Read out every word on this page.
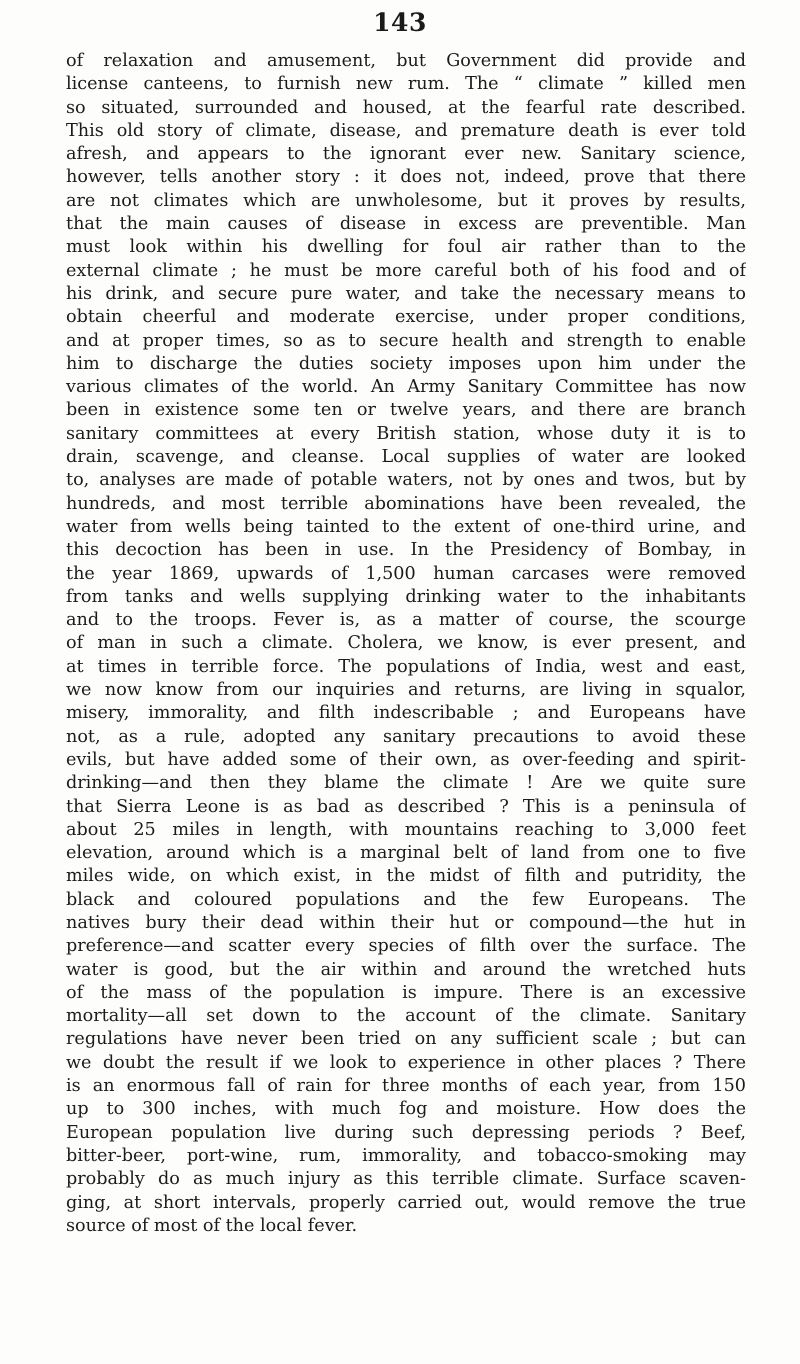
143
of relaxation and amusement, but Government did provide and
license canteens, to furnish new rum. The “ climate ” killed men
so situated, surrounded and housed, at the fearful rate described.
This old story of climate, disease, and premature death is ever told
afresh, and appears to the ignorant ever new. Sanitary science,
however, tells another story : it does not, indeed, prove that there
are not climates which are unwholesome, but it proves by results,
that the main causes of disease in excess are preventible. Man
must look within his dwelling for foul air rather than to the
external climate ; he must be more careful both of his food and of
his drink, and secure pure water, and take the necessary means to
obtain cheerful and moderate exercise, under proper conditions,
and at proper times, so as to secure health and strength to enable
him to discharge the duties society imposes upon him under the
various climates of the world. An Army Sanitary Committee has now
been in existence some ten or twelve years, and there are branch
sanitary committees at every British station, whose duty it is to
drain, scavenge, and cleanse. Local supplies of water are looked
to, analyses are made of potable waters, not by ones and twos, but by
hundreds, and most terrible abominations have been revealed, the
water from wells being tainted to the extent of one-third urine, and
this decoction has been in use. In the Presidency of Bombay, in
the year 1869, upwards of 1,500 human carcases were removed
from tanks and wells supplying drinking water to the inhabitants
and to the troops. Fever is, as a matter of course, the scourge
of man in such a climate. Cholera, we know, is ever present, and
at times in terrible force. The populations of India, west and east,
we now know from our inquiries and returns, are living in squalor,
misery, immorality, and filth indescribable ; and Europeans have
not, as a rule, adopted any sanitary precautions to avoid these
evils, but have added some of their own, as over-feeding and spirit-
drinking—and then they blame the climate ! Are we quite sure
that Sierra Leone is as bad as described ? This is a peninsula of
about 25 miles in length, with mountains reaching to 3,000 feet
elevation, around which is a marginal belt of land from one to five
miles wide, on which exist, in the midst of filth and putridity, the
black and coloured populations and the few Europeans. The
natives bury their dead within their hut or compound—the hut in
preference—and scatter every species of filth over the surface. The
water is good, but the air within and around the wretched huts
of the mass of the population is impure. There is an excessive
mortality—all set down to the account of the climate. Sanitary
regulations have never been tried on any sufficient scale ; but can
we doubt the result if we look to experience in other places ? There
is an enormous fall of rain for three months of each year, from 150
up to 300 inches, with much fog and moisture. How does the
European population live during such depressing periods ? Beef,
bitter-beer, port-wine, rum, immorality, and tobacco-smoking may
probably do as much injury as this terrible climate. Surface scaven-
ging, at short intervals, properly carried out, would remove the true
source of most of the local fever.
